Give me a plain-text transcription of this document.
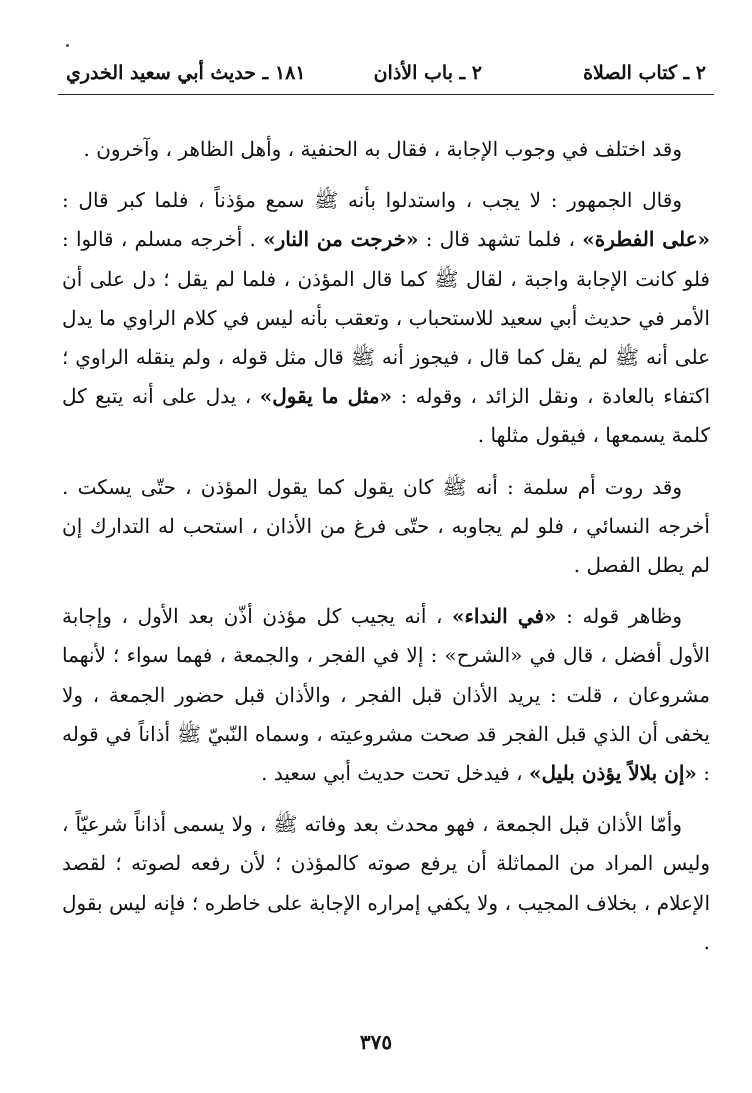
٢ ـ كتاب الصلاة
٢ ـ باب الأذان
١٨١ ـ حديث أبي سعيد الخدري

وقد اختلف في وجوب الإجابة ، فقال به الحنفية ، وأهل الظاهر ، وآخرون .

وقال الجمهور : لا يجب ، واستدلوا بأنه ﷺ سمع مؤذناً ، فلما كبر قال : «على الفطرة» ، فلما تشهد قال : «خرجت من النار» . أخرجه مسلم ، قالوا : فلو كانت الإجابة واجبة ، لقال ﷺ كما قال المؤذن ، فلما لم يقل ؛ دل على أن الأمر في حديث أبي سعيد للاستحباب ، وتعقب بأنه ليس في كلام الراوي ما يدل على أنه ﷺ لم يقل كما قال ، فيجوز أنه ﷺ قال مثل قوله ، ولم ينقله الراوي ؛ اكتفاء بالعادة ، ونقل الزائد ، وقوله : «مثل ما يقول» ، يدل على أنه يتبع كل كلمة يسمعها ، فيقول مثلها .

وقد روت أم سلمة : أنه ﷺ كان يقول كما يقول المؤذن ، حتّى يسكت . أخرجه النسائي ، فلو لم يجاوبه ، حتّى فرغ من الأذان ، استحب له التدارك إن لم يطل الفصل .

وظاهر قوله : «في النداء» ، أنه يجيب كل مؤذن أذّن بعد الأول ، وإجابة الأول أفضل ، قال في «الشرح» : إلا في الفجر ، والجمعة ، فهما سواء ؛ لأنهما مشروعان ، قلت : يريد الأذان قبل الفجر ، والأذان قبل حضور الجمعة ، ولا يخفى أن الذي قبل الفجر قد صحت مشروعيته ، وسماه النّبيّ ﷺ أذاناً في قوله : «إن بلالاً يؤذن بليل» ، فيدخل تحت حديث أبي سعيد .

وأمّا الأذان قبل الجمعة ، فهو محدث بعد وفاته ﷺ ، ولا يسمى أذاناً شرعيّاً ، وليس المراد من المماثلة أن يرفع صوته كالمؤذن ؛ لأن رفعه لصوته ؛ لقصد الإعلام ، بخلاف المجيب ، ولا يكفي إمراره الإجابة على خاطره ؛ فإنه ليس بقول .

٣٧٥
